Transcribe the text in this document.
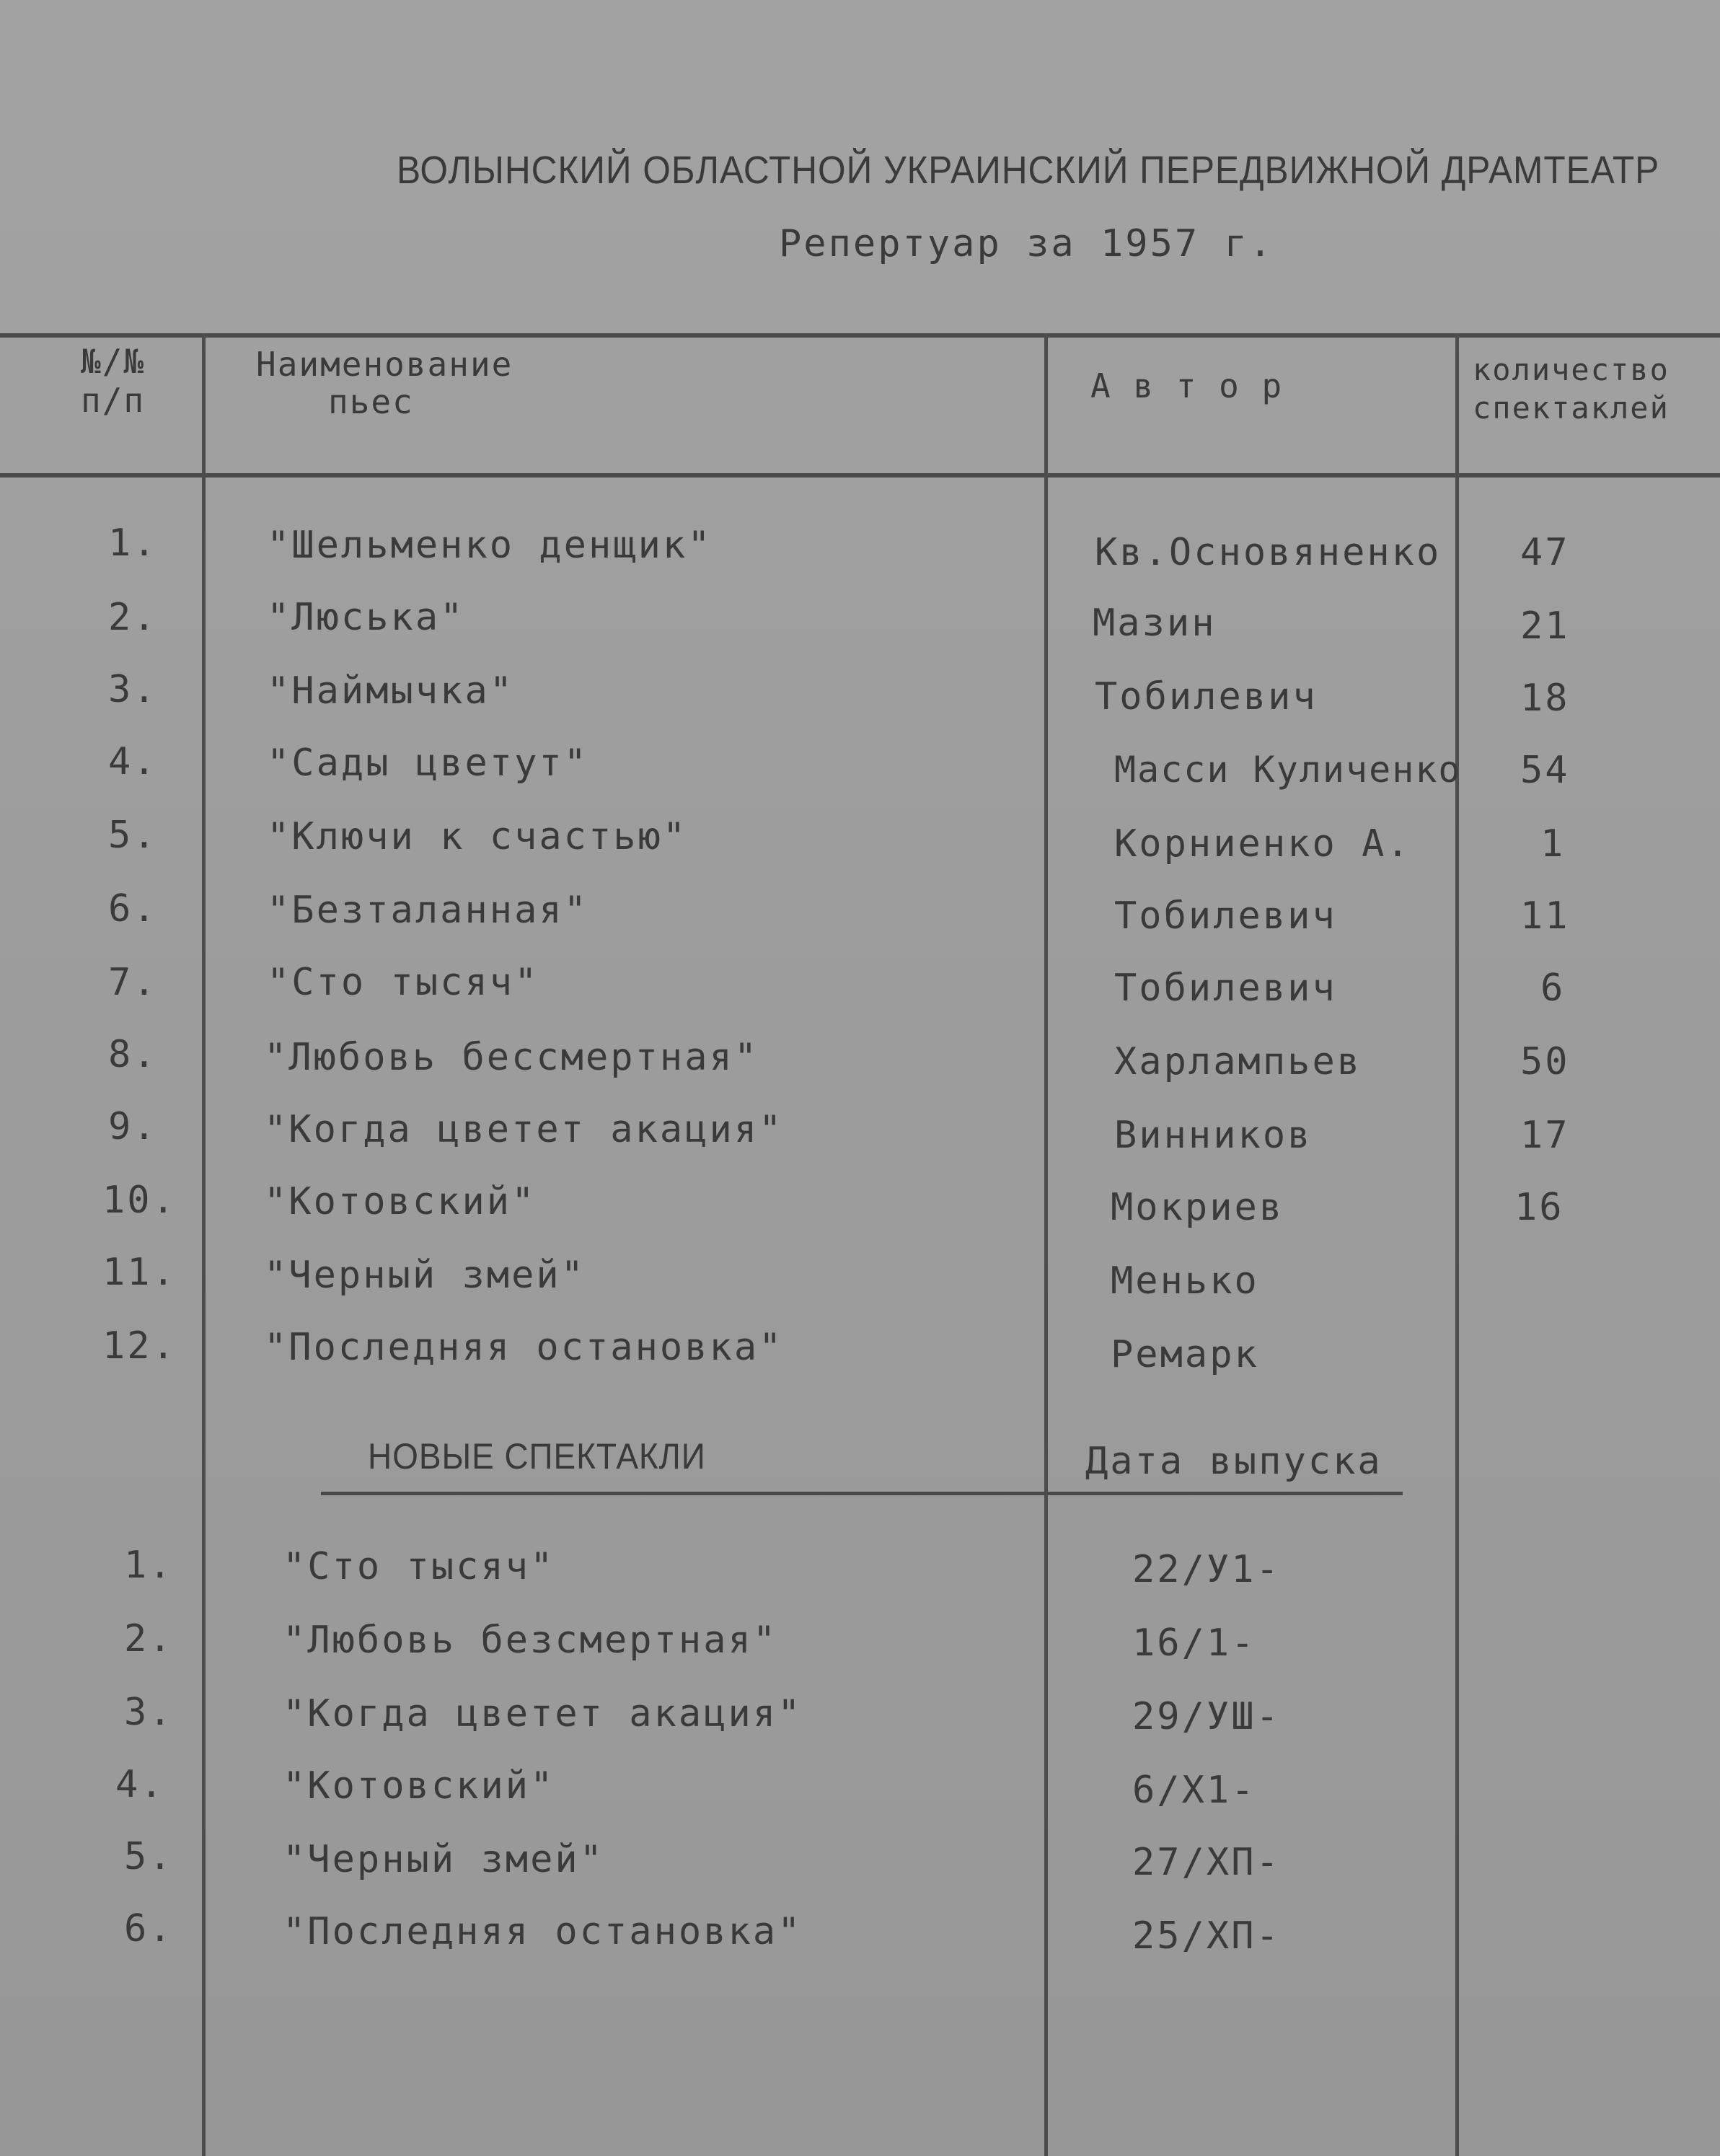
ВОЛЫНСКИЙ ОБЛАСТНОЙ УКРАИНСКИЙ ПЕРЕДВИЖНОЙ ДРАМТЕАТР
Репертуар за 1957 г.
№/№
п/п
Наименование
пьес	А в т о р	количество
спектаклей
1.	"Шельменко денщик"	Кв.Основяненко 47
2.	"Люська"	Мазин	21
3.	"Наймычка"	Тобилевич	18
4.	"Сады цветут"	Масси Куличенко 54
5.	"Ключи к счастью"	Корниенко А.	1
6.	"Безталанная"	Тобилевич	11
7.	"Сто тысяч"	Тобилевич	6
8.	"Любовь бессмертная"	Харлампьев	50
9.	"Когда цветет акация"	Винников	17
10. "Котовский"	Мокриев	16
11. "Черный змей"	Менько
12. "Последняя остановка"	Ремарк
НОВЫЕ СПЕКТАКЛИ	Дата выпуска
1.	"Сто тысяч"	22/У1-
2.	"Любовь безсмертная"	16/1-
3.	"Когда цветет акация"	29/УШ-
4.	"Котовский"	6/Х1-
5.	"Черный змей"	27/ХП-
6.	"Последняя остановка"	25/ХП-
